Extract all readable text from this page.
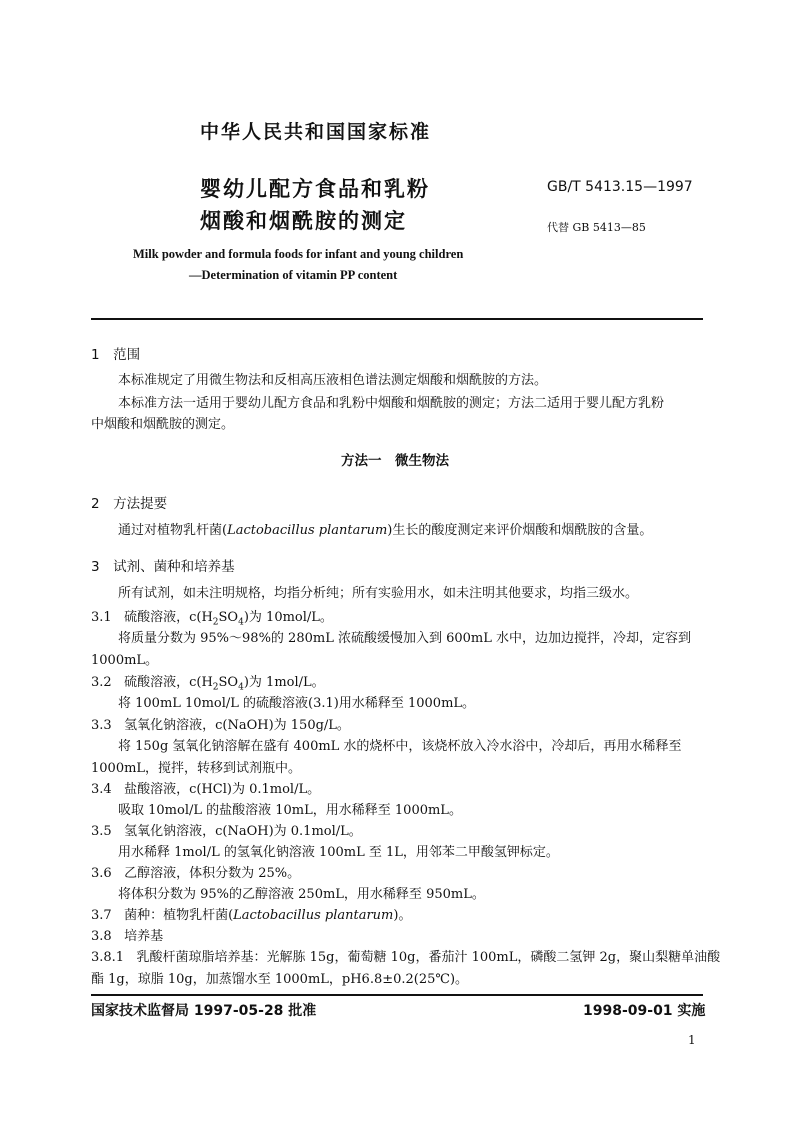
中华人民共和国国家标准
婴幼儿配方食品和乳粉
烟酸和烟酰胺的测定
GB/T 5413.15—1997
代替 GB 5413—85
Milk powder and formula foods for infant and young children
—Determination of vitamin PP content
1　范围
本标准规定了用微生物法和反相高压液相色谱法测定烟酸和烟酰胺的方法。
本标准方法一适用于婴幼儿配方食品和乳粉中烟酸和烟酰胺的测定；方法二适用于婴儿配方乳粉
中烟酸和烟酰胺的测定。
方法一　微生物法
2　方法提要
通过对植物乳杆菌(Lactobacillus plantarum)生长的酸度测定来评价烟酸和烟酰胺的含量。
3　试剂、菌种和培养基
所有试剂，如未注明规格，均指分析纯；所有实验用水，如未注明其他要求，均指三级水。
3.1 硫酸溶液，$c(H_2SO_4)$为 10mol/L。
将质量分数为 95%～98%的 280mL 浓硫酸缓慢加入到 600mL 水中，边加边搅拌，冷却，定容到
1000mL。
3.2 硫酸溶液，$c(H_2SO_4)$为 1mol/L。
将 100mL 10mol/L 的硫酸溶液(3.1)用水稀释至 1000mL。
3.3 氢氧化钠溶液，c(NaOH)为 150g/L。
将 150g 氢氧化钠溶解在盛有 400mL 水的烧杯中，该烧杯放入冷水浴中，冷却后，再用水稀释至
1000mL，搅拌，转移到试剂瓶中。
3.4 盐酸溶液，c(HCl)为 0.1mol/L。
吸取 10mol/L 的盐酸溶液 10mL，用水稀释至 1000mL。
3.5 氢氧化钠溶液，c(NaOH)为 0.1mol/L。
用水稀释 1mol/L 的氢氧化钠溶液 100mL 至 1L，用邻苯二甲酸氢钾标定。
3.6 乙醇溶液，体积分数为 25%。
将体积分数为 95%的乙醇溶液 250mL，用水稀释至 950mL。
3.7 菌种：植物乳杆菌(Lactobacillus plantarum)。
3.8 培养基
3.8.1 乳酸杆菌琼脂培养基：光解胨 15g，葡萄糖 10g，番茄汁 100mL，磷酸二氢钾 2g，聚山梨糖单油酸
酯 1g，琼脂 10g，加蒸馏水至 1000mL，pH6.8±0.2(25℃)。
国家技术监督局 1997-05-28 批准	1998-09-01 实施
1
